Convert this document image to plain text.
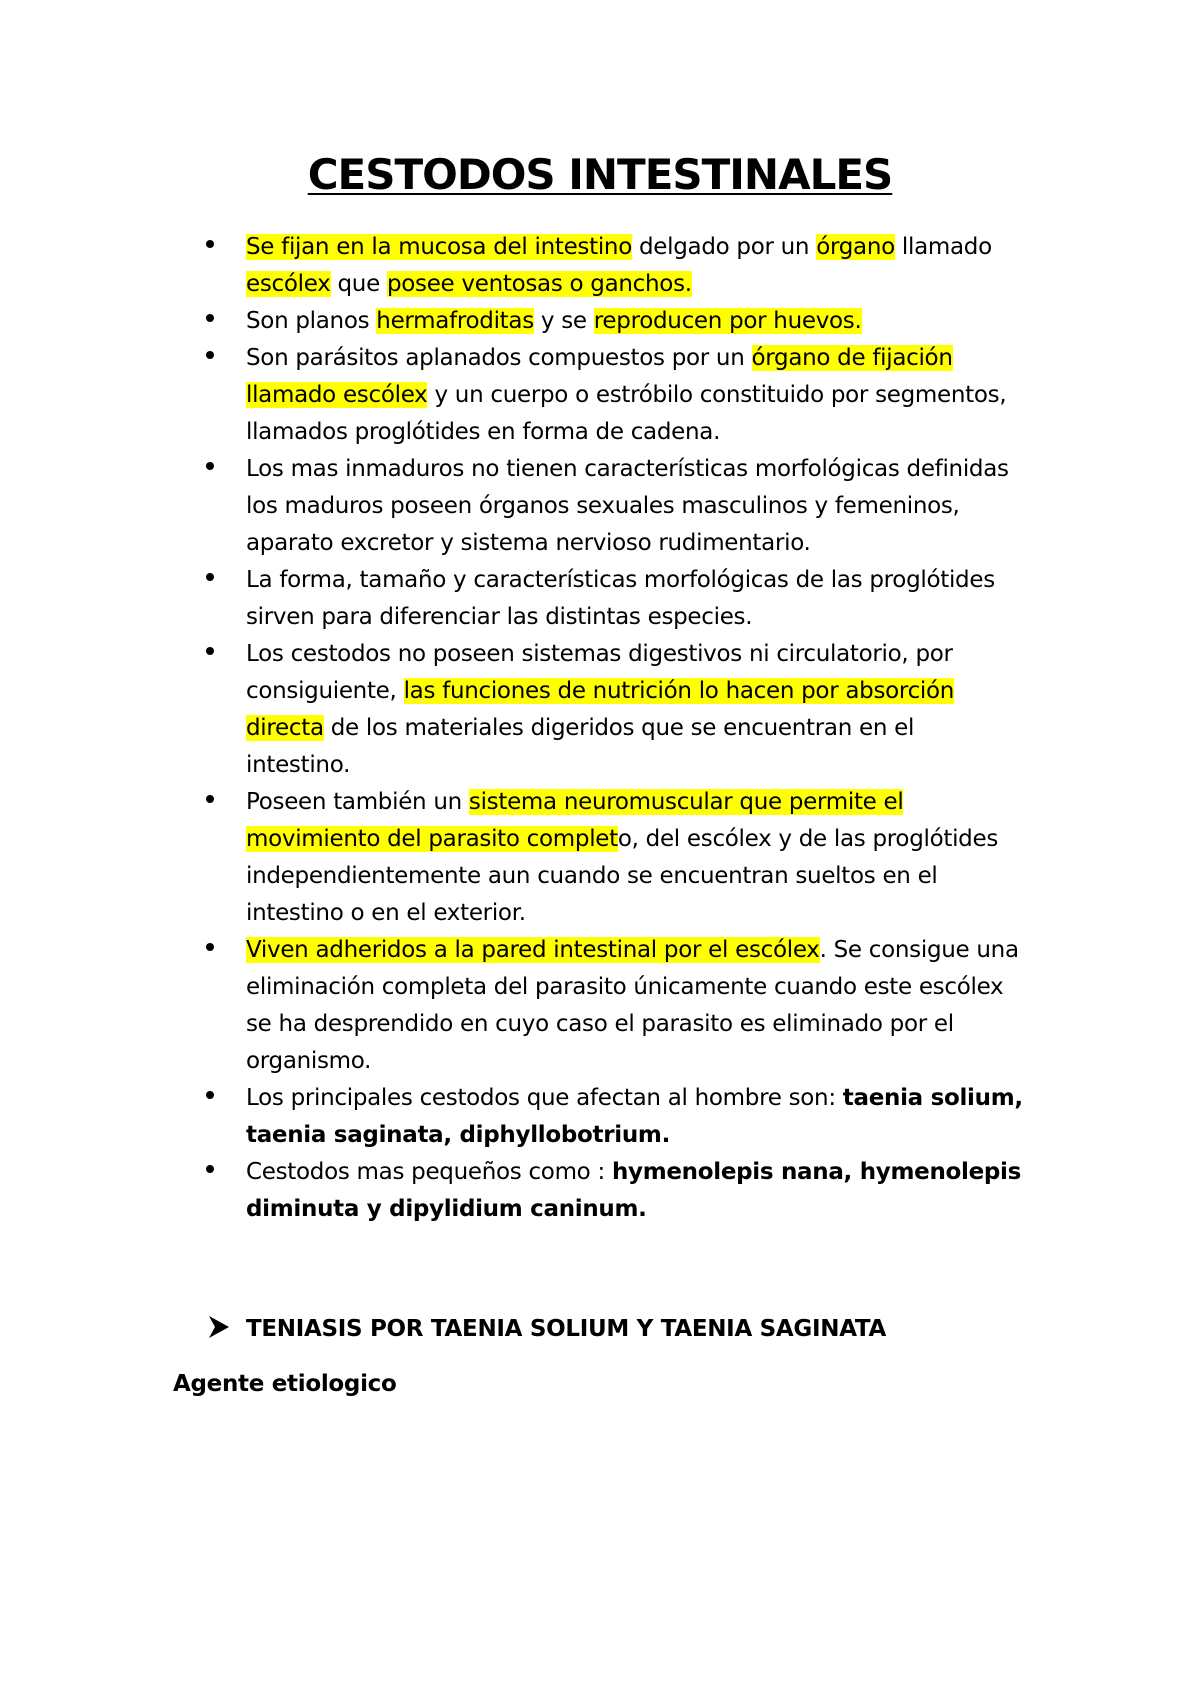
CESTODOS INTESTINALES
Se fijan en la mucosa del intestino delgado por un órgano llamado
escólex que posee ventosas o ganchos.
Son planos hermafroditas y se reproducen por huevos.
Son parásitos aplanados compuestos por un órgano de fijación
llamado escólex y un cuerpo o estróbilo constituido por segmentos,
llamados proglótides en forma de cadena.
Los mas inmaduros no tienen características morfológicas definidas
los maduros poseen órganos sexuales masculinos y femeninos,
aparato excretor y sistema nervioso rudimentario.
La forma, tamaño y características morfológicas de las proglótides
sirven para diferenciar las distintas especies.
Los cestodos no poseen sistemas digestivos ni circulatorio, por
consiguiente, las funciones de nutrición lo hacen por absorción
directa de los materiales digeridos que se encuentran en el
intestino.
Poseen también un sistema neuromuscular que permite el
movimiento del parasito completo, del escólex y de las proglótides
independientemente aun cuando se encuentran sueltos en el
intestino o en el exterior.
Viven adheridos a la pared intestinal por el escólex. Se consigue una
eliminación completa del parasito únicamente cuando este escólex
se ha desprendido en cuyo caso el parasito es eliminado por el
organismo.
Los principales cestodos que afectan al hombre son: taenia solium,
taenia saginata, diphyllobotrium.
Cestodos mas pequeños como : hymenolepis nana, hymenolepis
diminuta y dipylidium caninum.
TENIASIS POR TAENIA SOLIUM Y TAENIA SAGINATA
Agente etiologico
